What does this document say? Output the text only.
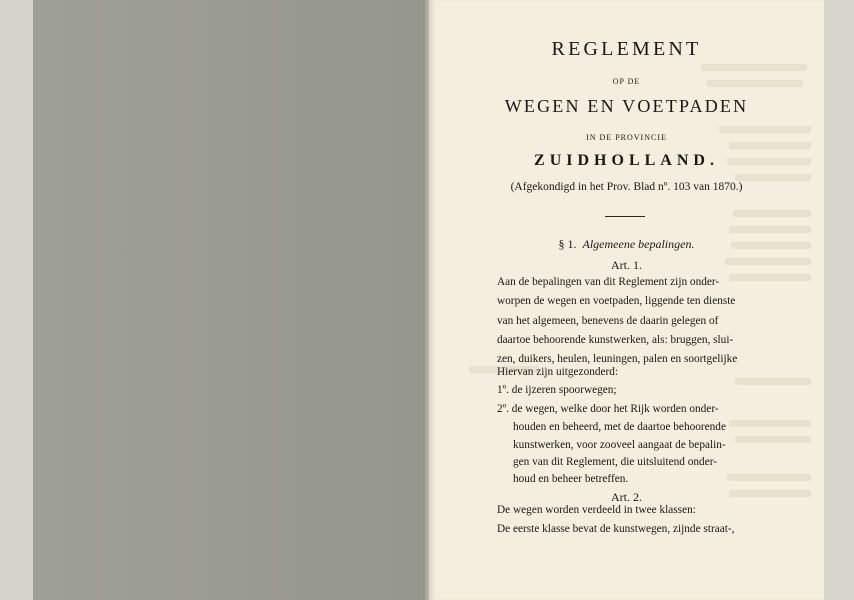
REGLEMENT
OP DE
WEGEN EN VOETPADEN
IN DE PROVINCIE
ZUIDHOLLAND.
(Afgekondigd in het Prov. Blad nº. 103 van 1870.)
§ 1. Algemeene bepalingen.
Art. 1.
Aan de bepalingen van dit Reglement zijn onder-
worpen de wegen en voetpaden, liggende ten dienste
van het algemeen, benevens de daarin gelegen of
daartoe behoorende kunstwerken, als: bruggen, slui-
zen, duikers, heulen, leuningen, palen en soortgelijke
Hiervan zijn uitgezonderd:
1º. de ijzeren spoorwegen;
2º. de wegen, welke door het Rijk worden onder-
houden en beheerd, met de daartoe behoorende
kunstwerken, voor zooveel aangaat de bepalin-
gen van dit Reglement, die uitsluitend onder-
Art. 2.
De wegen worden verdeeld in twee klassen:
De eerste klasse bevat de kunstwegen, zijnde straat-,
houd en beheer betreffen.
